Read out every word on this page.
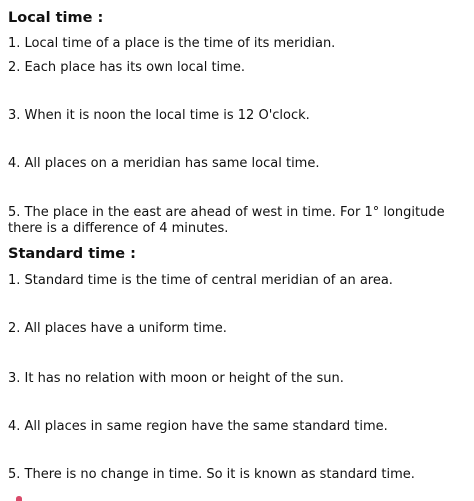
Local time :
1. Local time of a place is the time of its meridian.
2. Each place has its own local time.
3. When it is noon the local time is 12 O'clock.
4. All places on a meridian has same local time.
5. The place in the east are ahead of west in time. For 1° longitude there is a difference of 4 minutes.
Standard time :
1. Standard time is the time of central meridian of an area.
2. All places have a uniform time.
3. It has no relation with moon or height of the sun.
4. All places in same region have the same standard time.
5. There is no change in time. So it is known as standard time.
